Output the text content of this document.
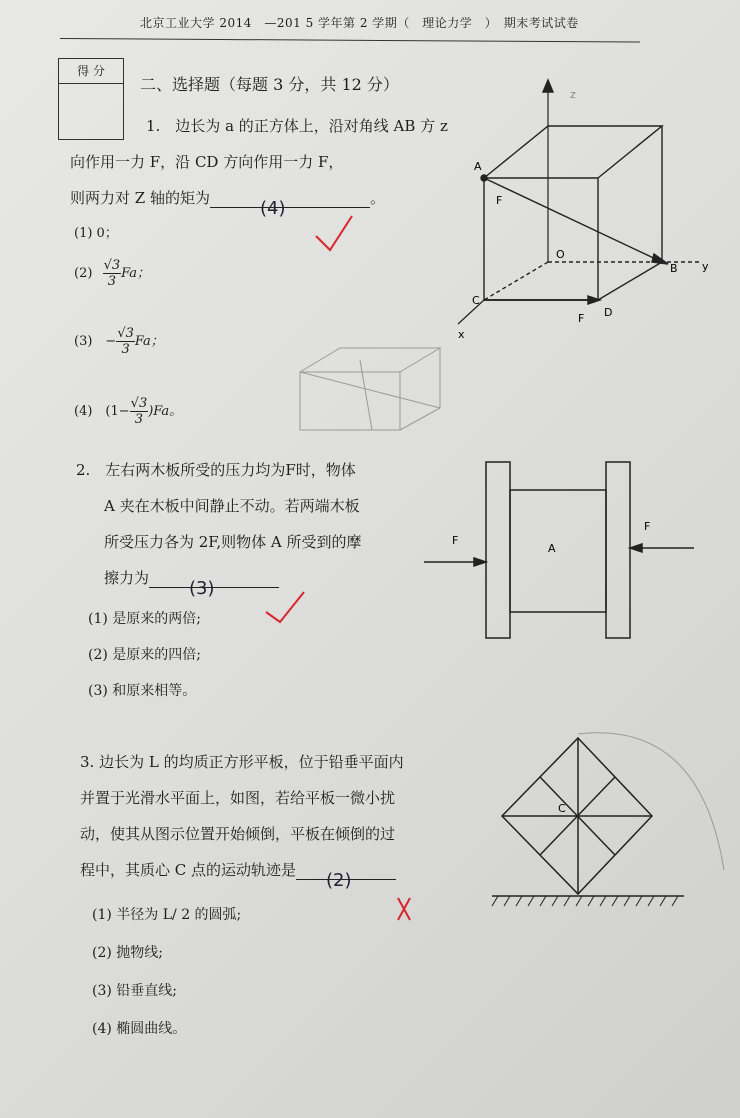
北京工业大学 2014　—201 5 学年第 2 学期（　理论力学　）　期末考试试卷
得 分
二、选择题（每题 3 分，共 12 分）
1.　边长为 a 的正方体上，沿对角线 AB 方 z
向作用一力 F，沿 CD 方向作用一力 F，
则两力对 Z 轴的矩为	(4)	。
(1) 0；
$(2) \frac{√3}{3}$ Fa；
(3)　− $\frac{√3}{3}$ Fa；
(4)　$(1- \frac{√3}{3} )Fa$。
2.　左右两木板所受的压力均为F时，物体
A 夹在木板中间静止不动。若两端木板
所受压力各为 2F,则物体 A 所受到的摩
擦力为 (3)
(1) 是原来的两倍;
(2) 是原来的四倍;
(3) 和原来相等。
3. 边长为 L 的均质正方形平板，位于铅垂平面内
并置于光滑水平面上，如图，若给平板一微小扰
动，使其从图示位置开始倾倒，平板在倾倒的过
程中，其质心 C 点的运动轨迹是 (2)
(1) 半径为 L/ 2 的圆弧;
(2) 抛物线;
(3) 铅垂直线;
(4) 椭圆曲线。
z
A
F
O
B y
C
F D
x
F
A
F
C
